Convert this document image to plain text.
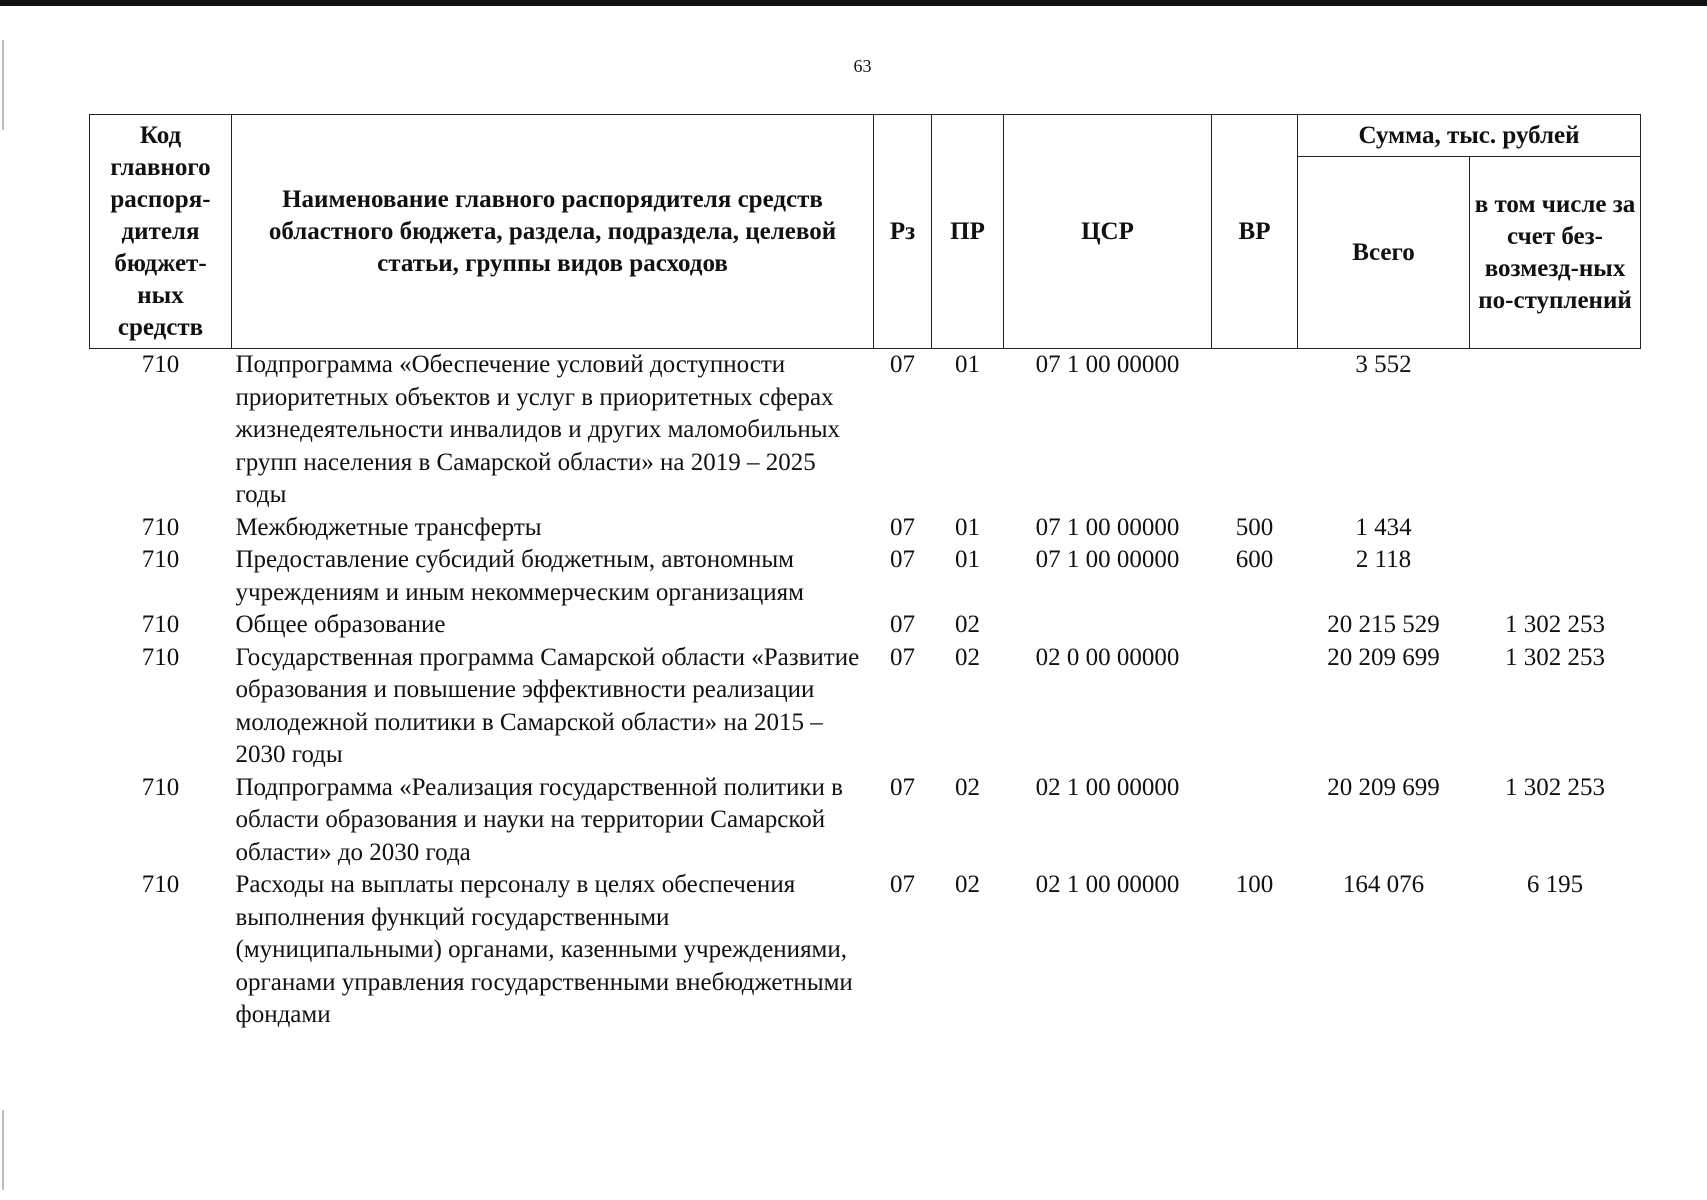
63
Код главного распоря-дителя бюджет-ных средств	Наименование главного распорядителя средств областного бюджета, раздела, подраздела, целевой статьи, группы видов расходов	Рз	ПР	ЦСР	ВР	Сумма, тыс. рублей	
						Всего	в том числе за счет без-возмезд-ных по-ступлений
710	Подпрограмма «Обеспечение условий доступности приоритетных объектов и услуг в приоритетных сферах жизнедеятельности инвалидов и других маломобильных групп населения в Самарской области» на 2019 – 2025 годы	07	01	07 1 00 00000		3 552	
710	Межбюджетные трансферты	07	01	07 1 00 00000	500	1 434	
710	Предоставление субсидий бюджетным, автономным учреждениям и иным некоммерческим организациям	07	01	07 1 00 00000	600	2 118	
710	Общее образование	07	02			20 215 529	1 302 253
710	Государственная программа Самарской области «Развитие образования и повышение эффективности реализации молодежной политики в Самарской области» на 2015 – 2030 годы	07	02	02 0 00 00000		20 209 699	1 302 253
710	Подпрограмма «Реализация государственной политики в области образования и науки на территории Самарской области» до 2030 года	07	02	02 1 00 00000		20 209 699	1 302 253
710	Расходы на выплаты персоналу в целях обеспечения выполнения функций государственными (муниципальными) органами, казенными учреждениями, органами управления государственными внебюджетными фондами	07	02	02 1 00 00000	100	164 076	6 195
